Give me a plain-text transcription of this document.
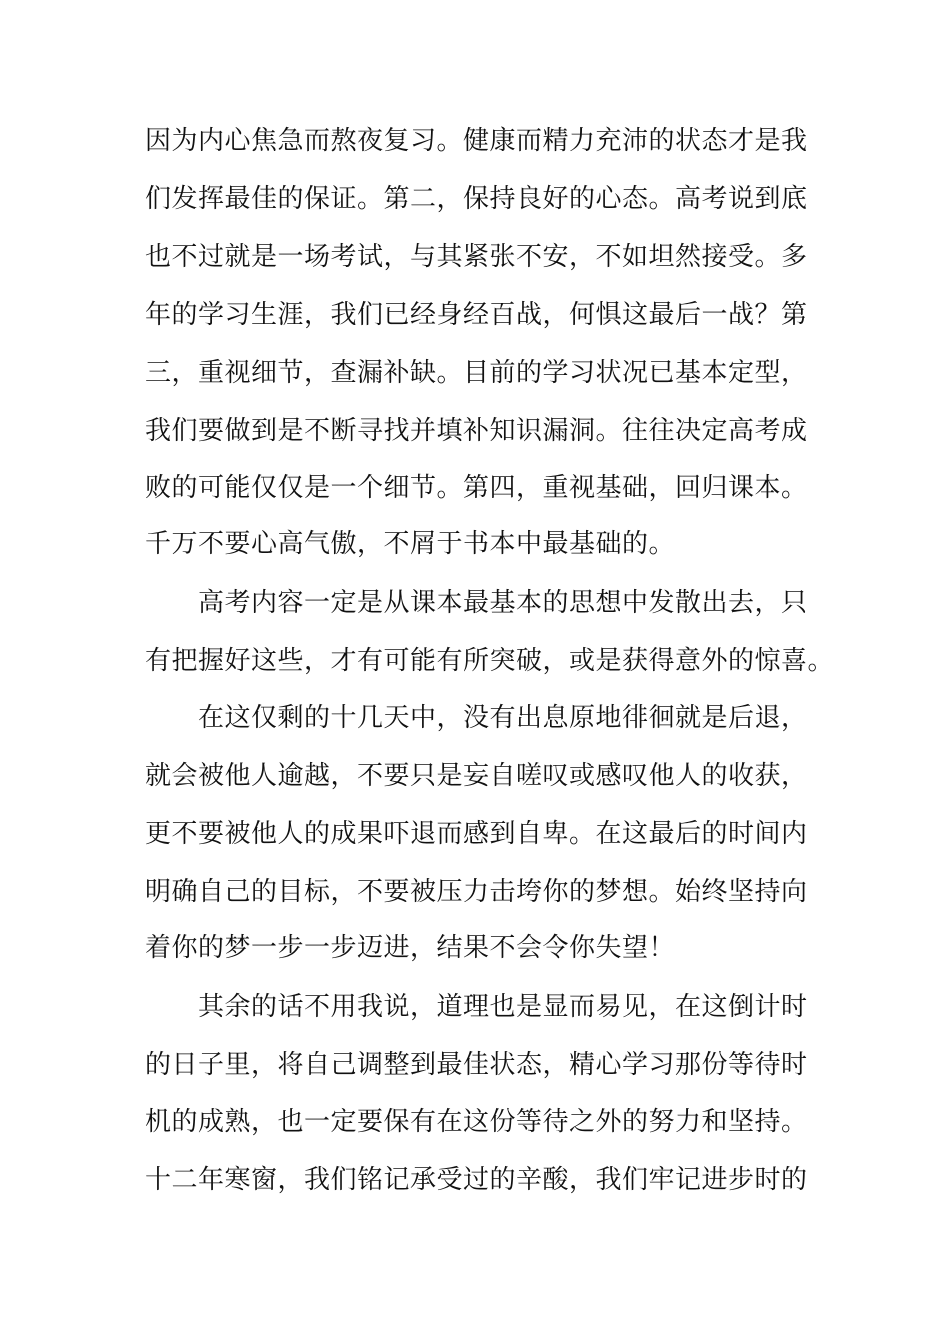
因为内心焦急而熬夜复习。健康而精力充沛的状态才是我
们发挥最佳的保证。第二，保持良好的心态。高考说到底
也不过就是一场考试，与其紧张不安，不如坦然接受。多
年的学习生涯，我们已经身经百战，何惧这最后一战？第
三，重视细节，查漏补缺。目前的学习状况已基本定型，
我们要做到是不断寻找并填补知识漏洞。往往决定高考成
败的可能仅仅是一个细节。第四，重视基础，回归课本。
千万不要心高气傲，不屑于书本中最基础的。
高考内容一定是从课本最基本的思想中发散出去，只
有把握好这些，才有可能有所突破，或是获得意外的惊喜。
在这仅剩的十几天中，没有出息原地徘徊就是后退，
就会被他人逾越，不要只是妄自嗟叹或感叹他人的收获，
更不要被他人的成果吓退而感到自卑。在这最后的时间内
明确自己的目标，不要被压力击垮你的梦想。始终坚持向
着你的梦一步一步迈进，结果不会令你失望！
其余的话不用我说，道理也是显而易见，在这倒计时
的日子里，将自己调整到最佳状态，精心学习那份等待时
机的成熟，也一定要保有在这份等待之外的努力和坚持。
十二年寒窗，我们铭记承受过的辛酸，我们牢记进步时的
